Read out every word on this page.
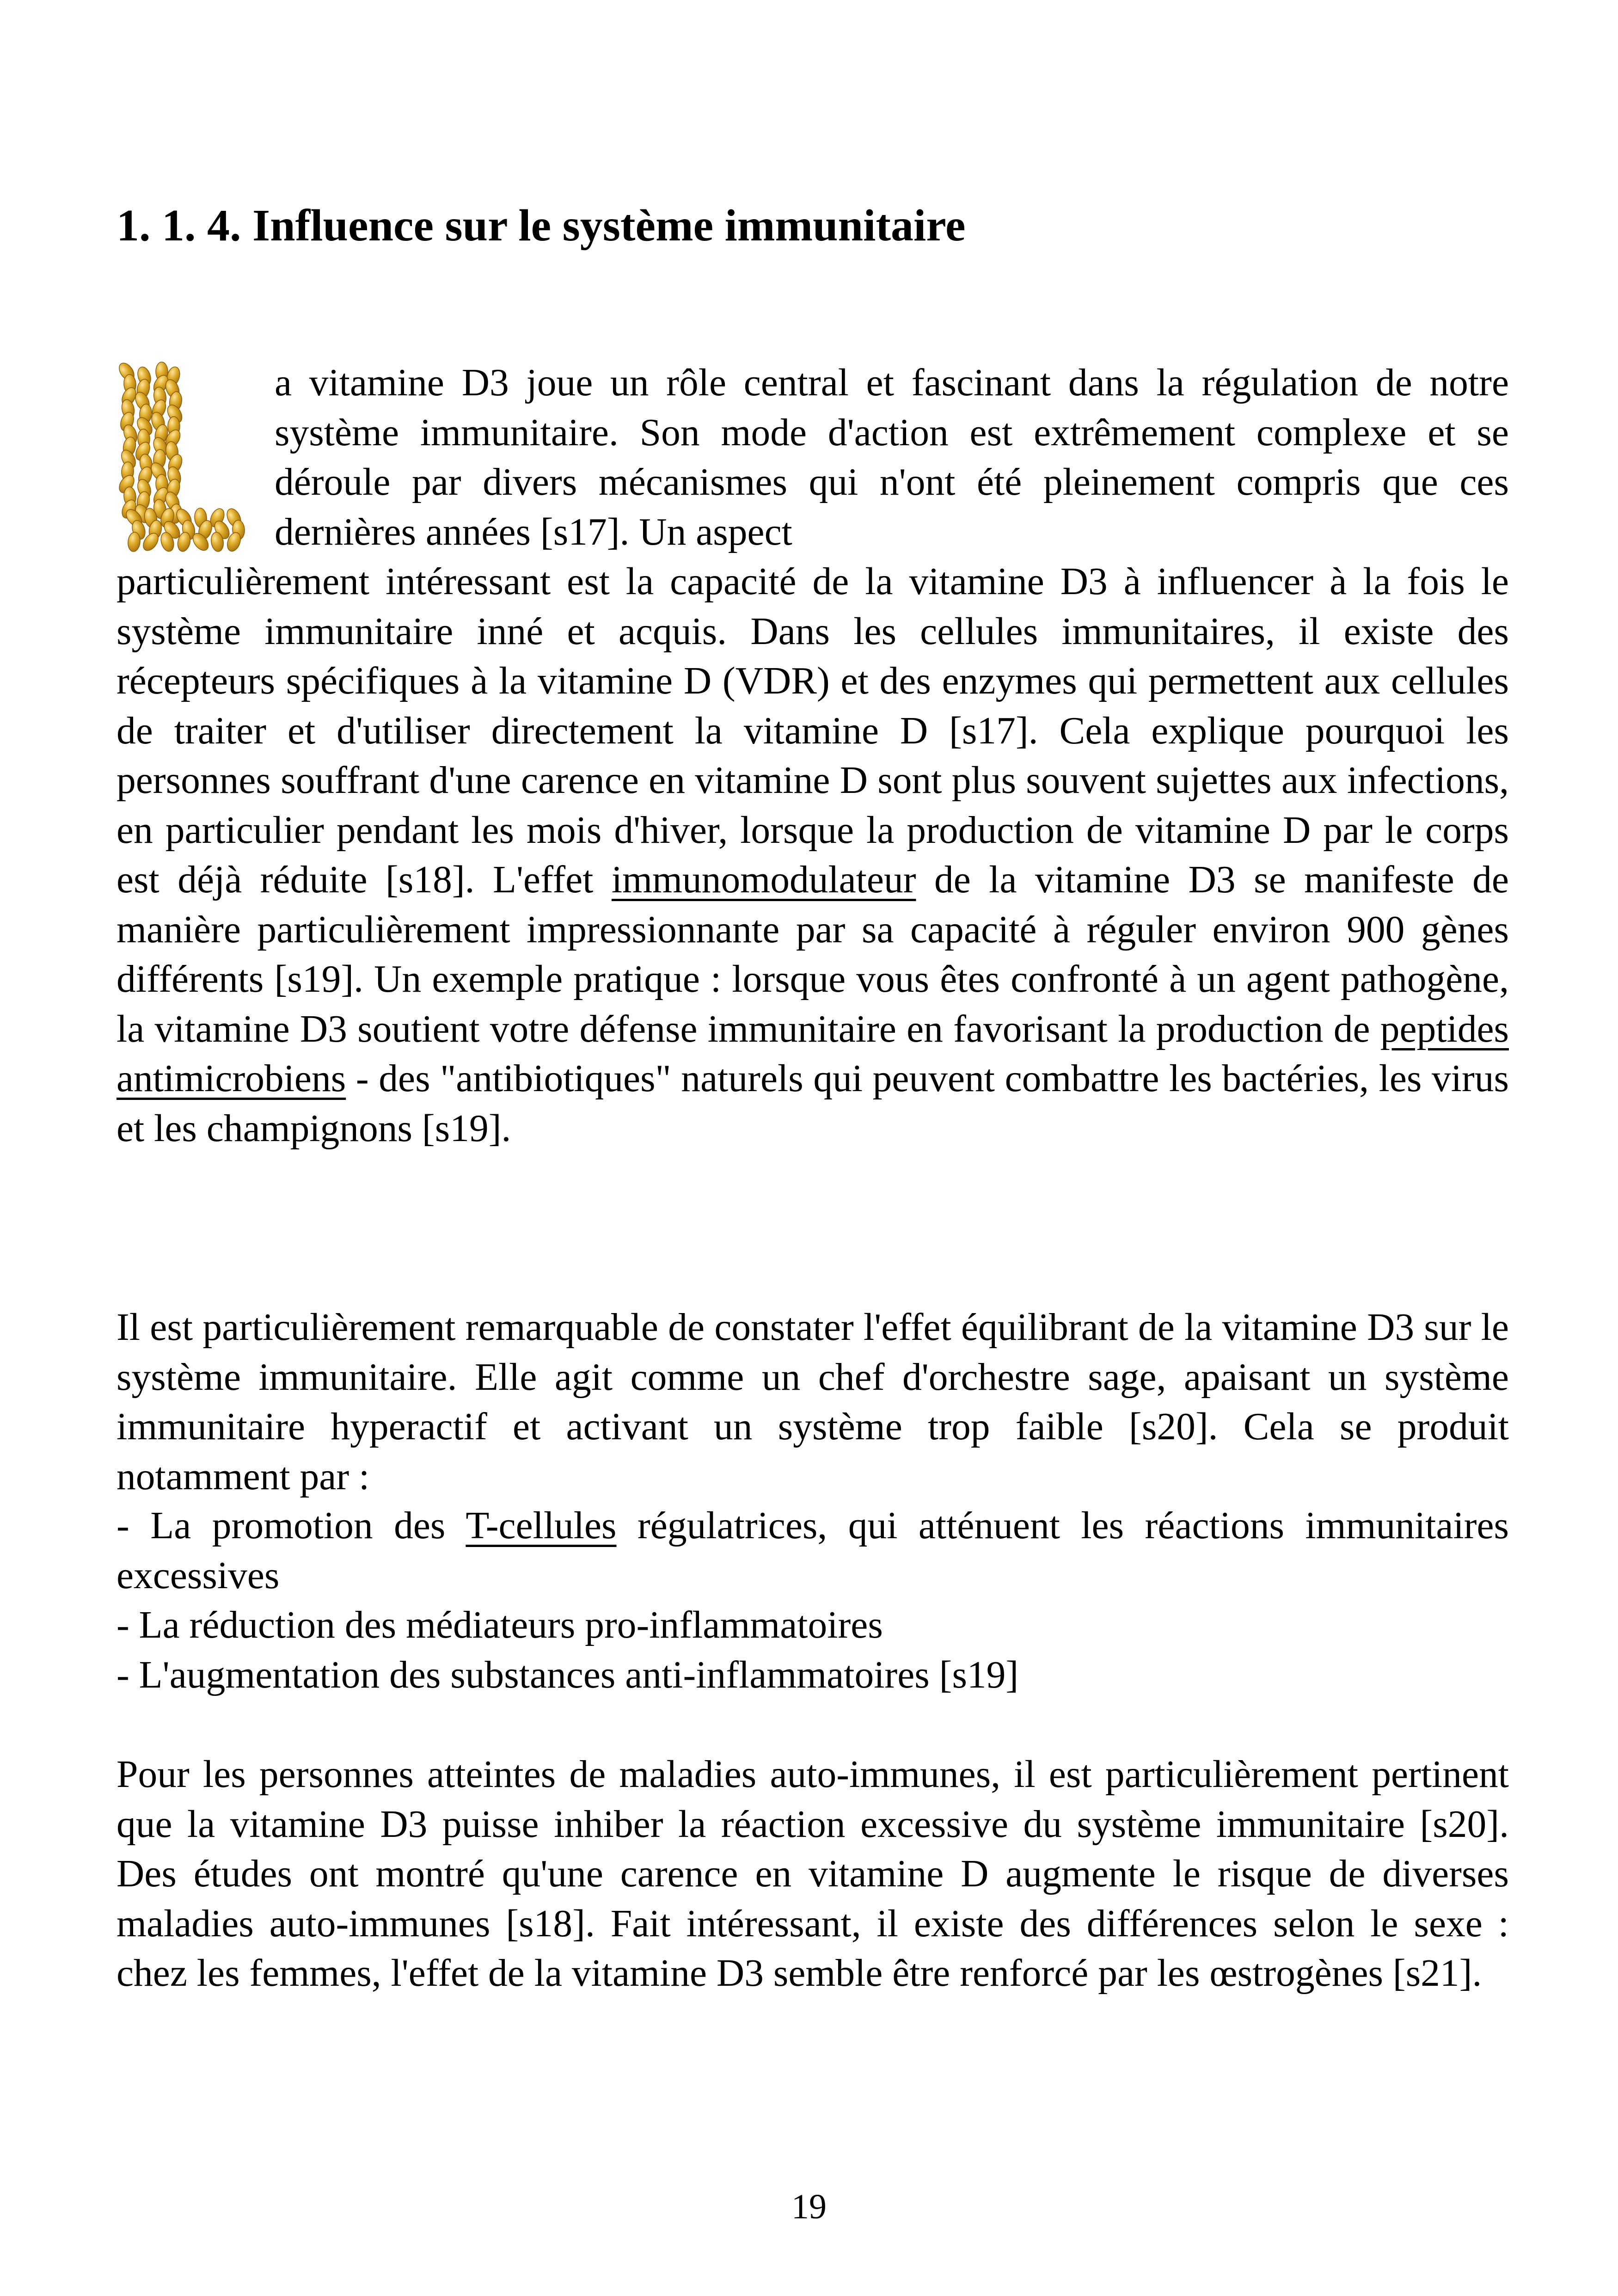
1. 1. 4. Influence sur le système immunitaire

a vitamine D3 joue un rôle central et fascinant dans la régulation de notre système immunitaire. Son mode d'action est extrêmement complexe et se déroule par divers mécanismes qui n'ont été pleinement compris que ces dernières années [s17]. Un aspect

particulièrement intéressant est la capacité de la vitamine D3 à influencer à la fois le système immunitaire inné et acquis. Dans les cellules immunitaires, il existe des récepteurs spécifiques à la vitamine D (VDR) et des enzymes qui permettent aux cellules de traiter et d'utiliser directement la vitamine D [s17]. Cela explique pourquoi les personnes souffrant d'une carence en vitamine D sont plus souvent sujettes aux infections, en particulier pendant les mois d'hiver, lorsque la production de vitamine D par le corps est déjà réduite [s18]. L'effet immunomodulateur de la vitamine D3 se manifeste de manière particulièrement impressionnante par sa capacité à réguler environ 900 gènes différents [s19]. Un exemple pratique : lorsque vous êtes confronté à un agent pathogène, la vitamine D3 soutient votre défense immunitaire en favorisant la production de peptides antimicrobiens - des "antibiotiques" naturels qui peuvent combattre les bactéries, les virus et les champignons [s19].

Il est particulièrement remarquable de constater l'effet équilibrant de la vitamine D3 sur le système immunitaire. Elle agit comme un chef d'orchestre sage, apaisant un système immunitaire hyperactif et activant un système trop faible [s20]. Cela se produit notamment par :

- La promotion des T-cellules régulatrices, qui atténuent les réactions immunitaires excessives

- La réduction des médiateurs pro-inflammatoires

- L'augmentation des substances anti-inflammatoires [s19]

Pour les personnes atteintes de maladies auto-immunes, il est particulièrement pertinent que la vitamine D3 puisse inhiber la réaction excessive du système immunitaire [s20]. Des études ont montré qu'une carence en vitamine D augmente le risque de diverses maladies auto-immunes [s18]. Fait intéressant, il existe des différences selon le sexe : chez les femmes, l'effet de la vitamine D3 semble être renforcé par les œstrogènes [s21].

19
